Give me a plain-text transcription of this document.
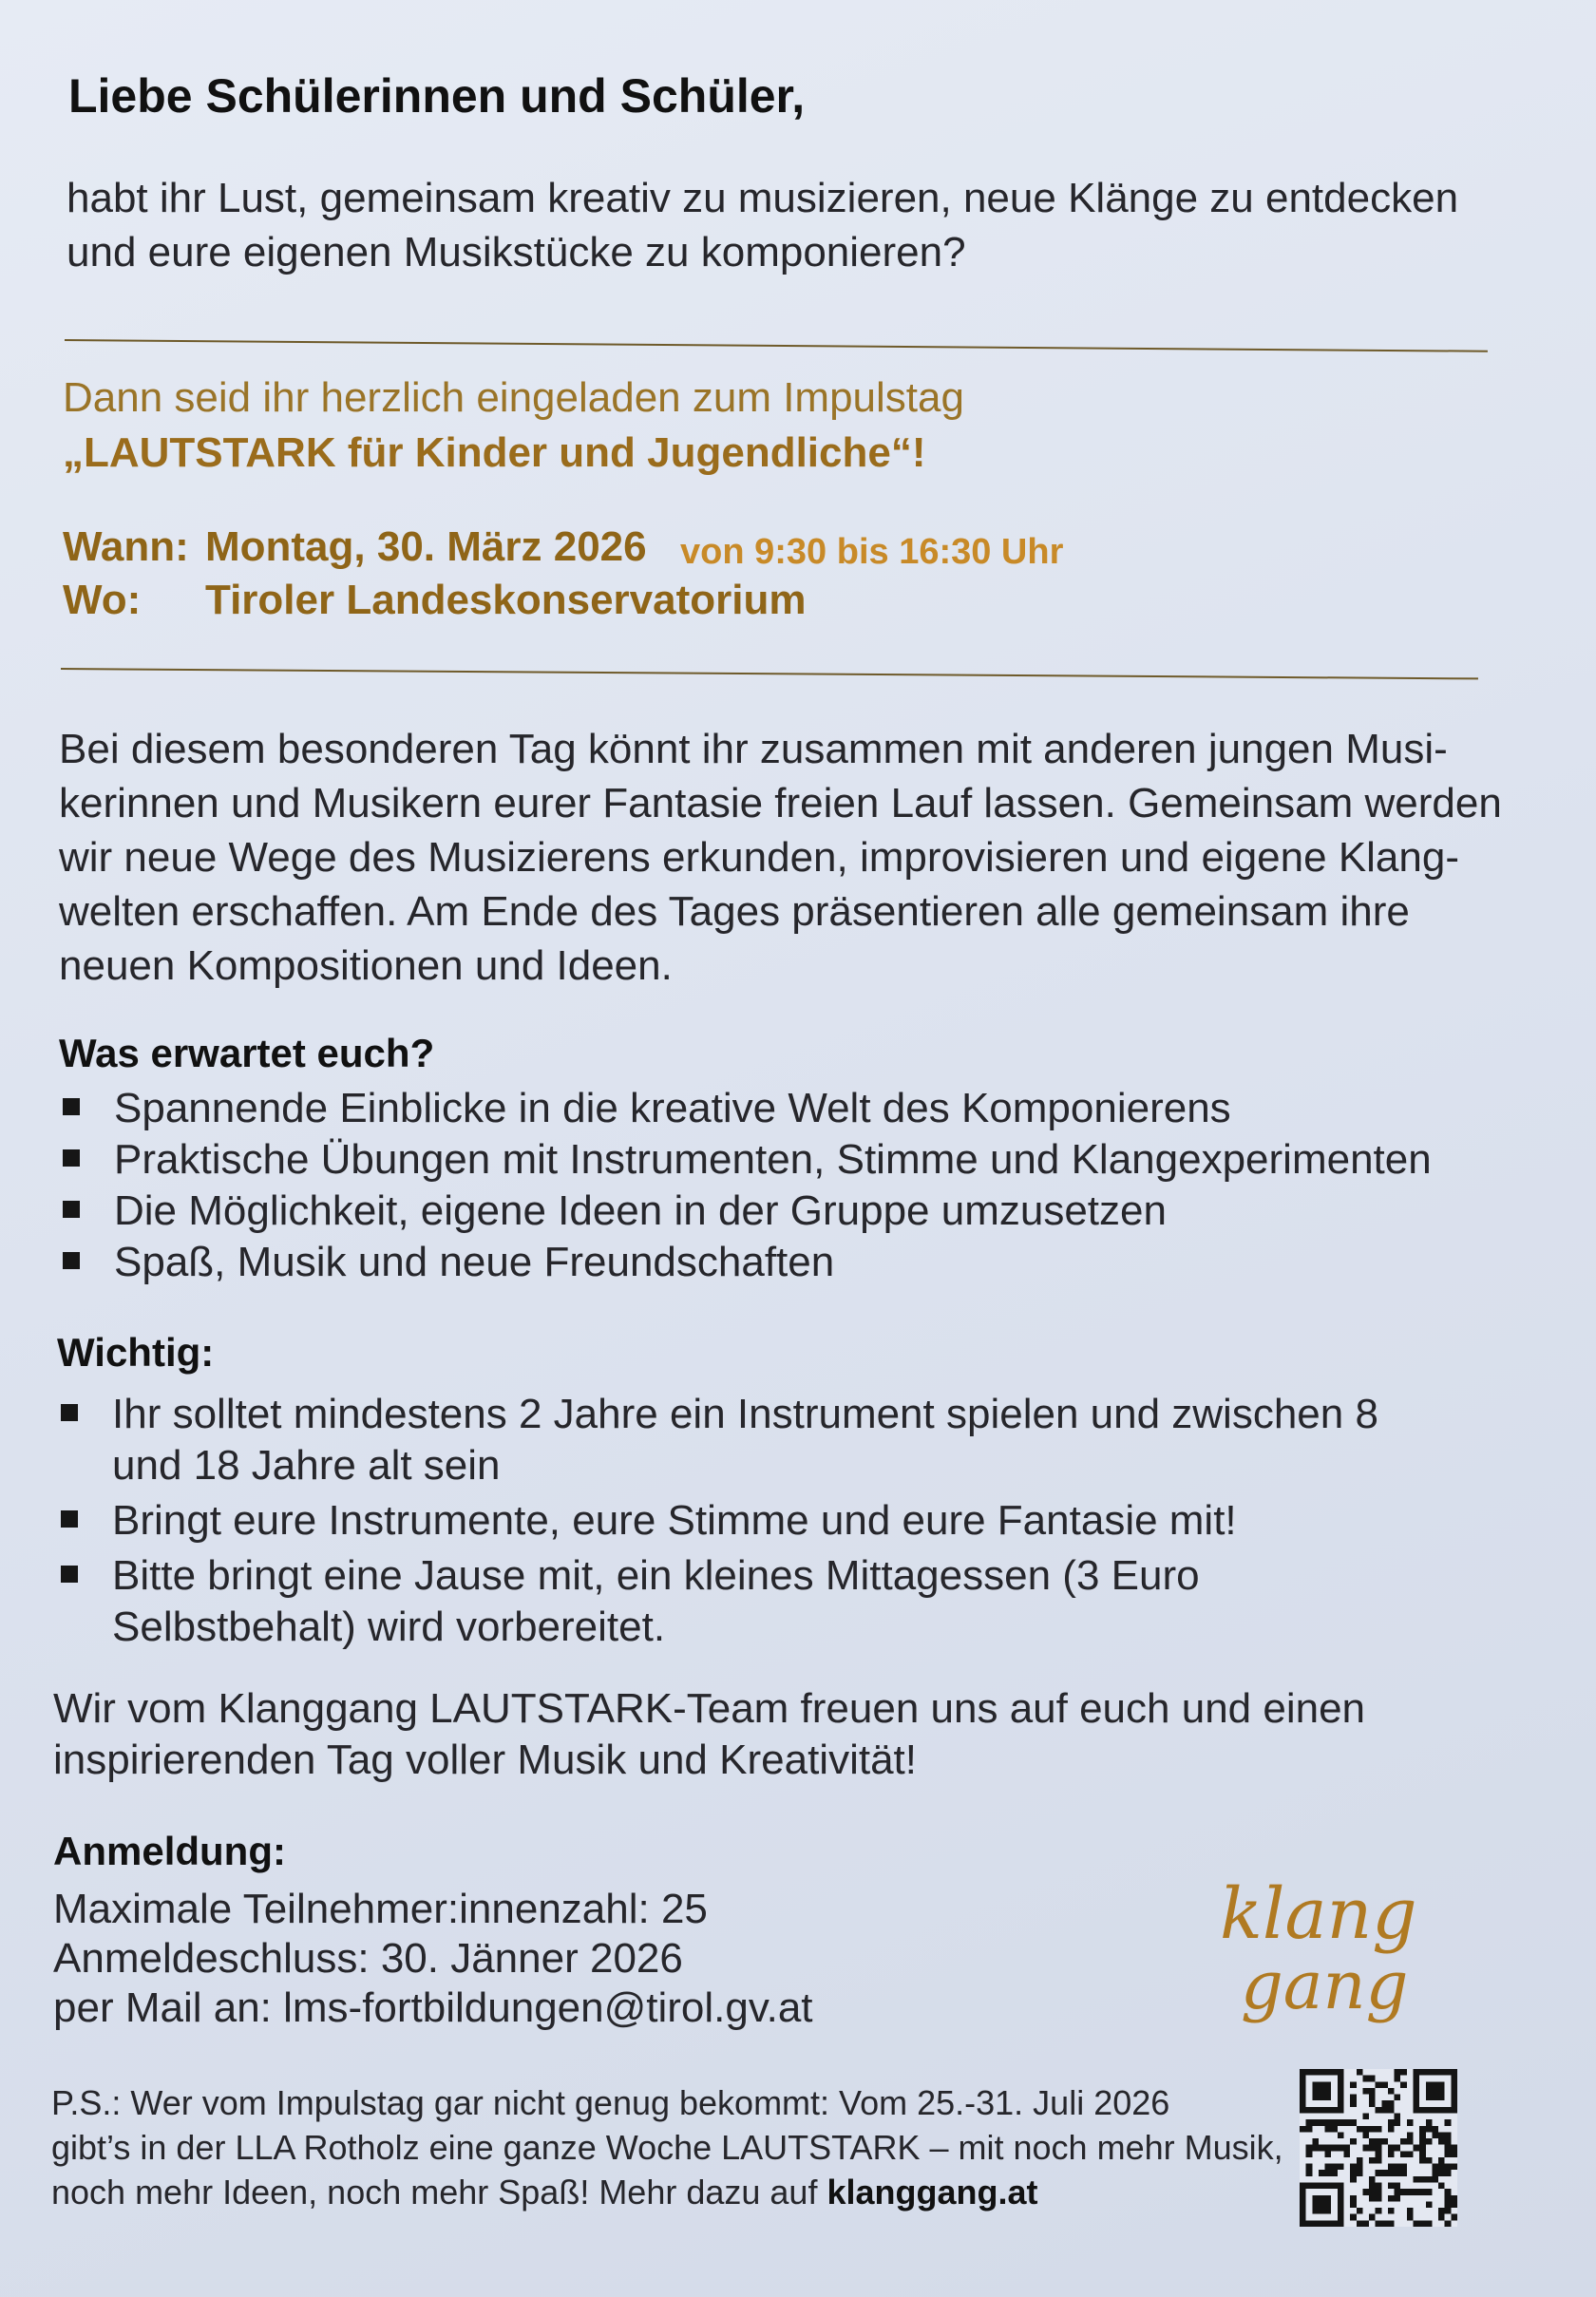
Liebe Schülerinnen und Schüler,
habt ihr Lust, gemeinsam kreativ zu musizieren, neue Klänge zu entdecken und eure eigenen Musikstücke zu komponieren?
Dann seid ihr herzlich eingeladen zum Impulstag
„LAUTSTARK für Kinder und Jugendliche“!
Wann: Montag, 30. März 2026 von 9:30 bis 16:30 Uhr
Wo: Tiroler Landeskonservatorium
Bei diesem besonderen Tag könnt ihr zusammen mit anderen jungen Musi-kerinnen und Musikern eurer Fantasie freien Lauf lassen. Gemeinsam werden wir neue Wege des Musizierens erkunden, improvisieren und eigene Klang-welten erschaffen. Am Ende des Tages präsentieren alle gemeinsam ihre neuen Kompositionen und Ideen.
Was erwartet euch?
Spannende Einblicke in die kreative Welt des Komponierens
Praktische Übungen mit Instrumenten, Stimme und Klangexperimenten
Die Möglichkeit, eigene Ideen in der Gruppe umzusetzen
Spaß, Musik und neue Freundschaften
Wichtig:
Ihr solltet mindestens 2 Jahre ein Instrument spielen und zwischen 8 und 18 Jahre alt sein
Bringt eure Instrumente, eure Stimme und eure Fantasie mit!
Bitte bringt eine Jause mit, ein kleines Mittagessen (3 Euro Selbstbehalt) wird vorbereitet.
Wir vom Klanggang LAUTSTARK-Team freuen uns auf euch und einen inspirierenden Tag voller Musik und Kreativität!
Anmeldung:
Maximale Teilnehmer:innenzahl: 25
Anmeldeschluss: 30. Jänner 2026
per Mail an: lms-fortbildungen@tirol.gv.at
P.S.: Wer vom Impulstag gar nicht genug bekommt: Vom 25.-31. Juli 2026
gibt’s in der LLA Rotholz eine ganze Woche LAUTSTARK – mit noch mehr Musik,
noch mehr Ideen, noch mehr Spaß! Mehr dazu auf klanggang.at
klang
gang
